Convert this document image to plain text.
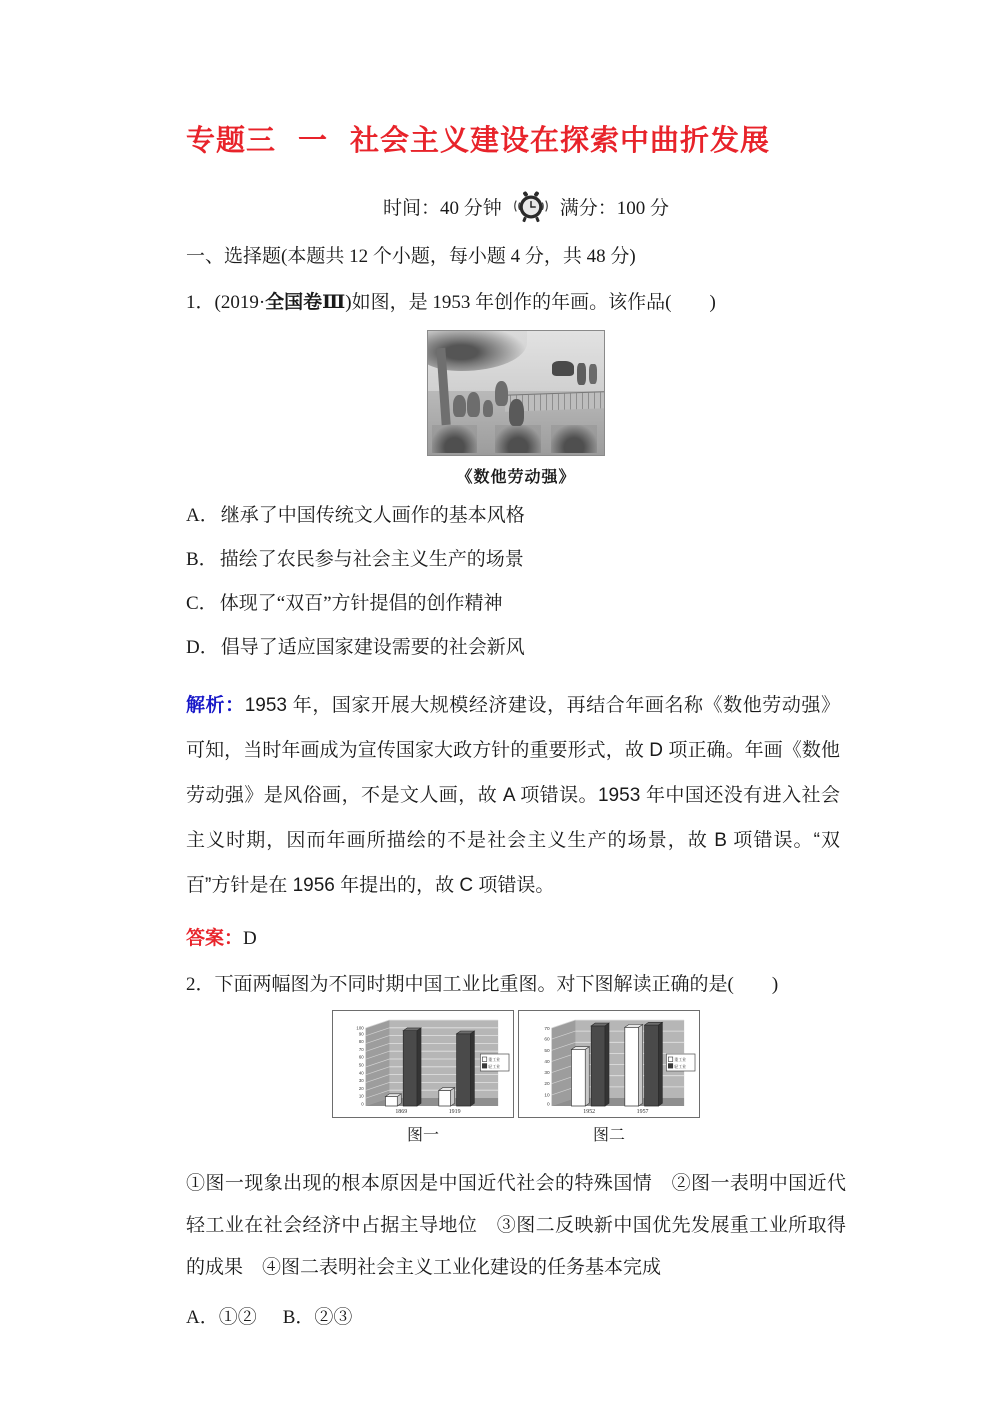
专题三 一 社会主义建设在探索中曲折发展
时间：40 分钟	满分：100 分
一、选择题(本题共 12 个小题，每小题 4 分，共 48 分)
1．(2019·全国卷Ⅲ)如图，是 1953 年创作的年画。该作品(　　)
《数他劳动强》
A． 继承了中国传统文人画作的基本风格
B． 描绘了农民参与社会主义生产的场景
C． 体现了“双百”方针提倡的创作精神
D． 倡导了适应国家建设需要的社会新风
解析：1953 年，国家开展大规模经济建设，再结合年画名称《数他劳动强》可知，当时年画成为宣传国家大政方针的重要形式，故 D 项正确。年画《数他劳动强》是风俗画，不是文人画，故 A 项错误。1953 年中国还没有进入社会主义时期，因而年画所描绘的不是社会主义生产的场景，故 B 项错误。“双百”方针是在 1956 年提出的，故 C 项错误。
答案：D
2．下面两幅图为不同时期中国工业比重图。对下图解读正确的是(　　)
0
10
20
30
40
50
60
70
80
90
100
重工业
轻工业
1869	1919
0
10
20
30
40
50
60
70
重工业
轻工业
1952	1957
图一	图二
①图一现象出现的根本原因是中国近代社会的特殊国情　②图一表明中国近代轻工业在社会经济中占据主导地位　③图二反映新中国优先发展重工业所取得的成果　④图二表明社会主义工业化建设的任务基本完成
A．①② B．②③
